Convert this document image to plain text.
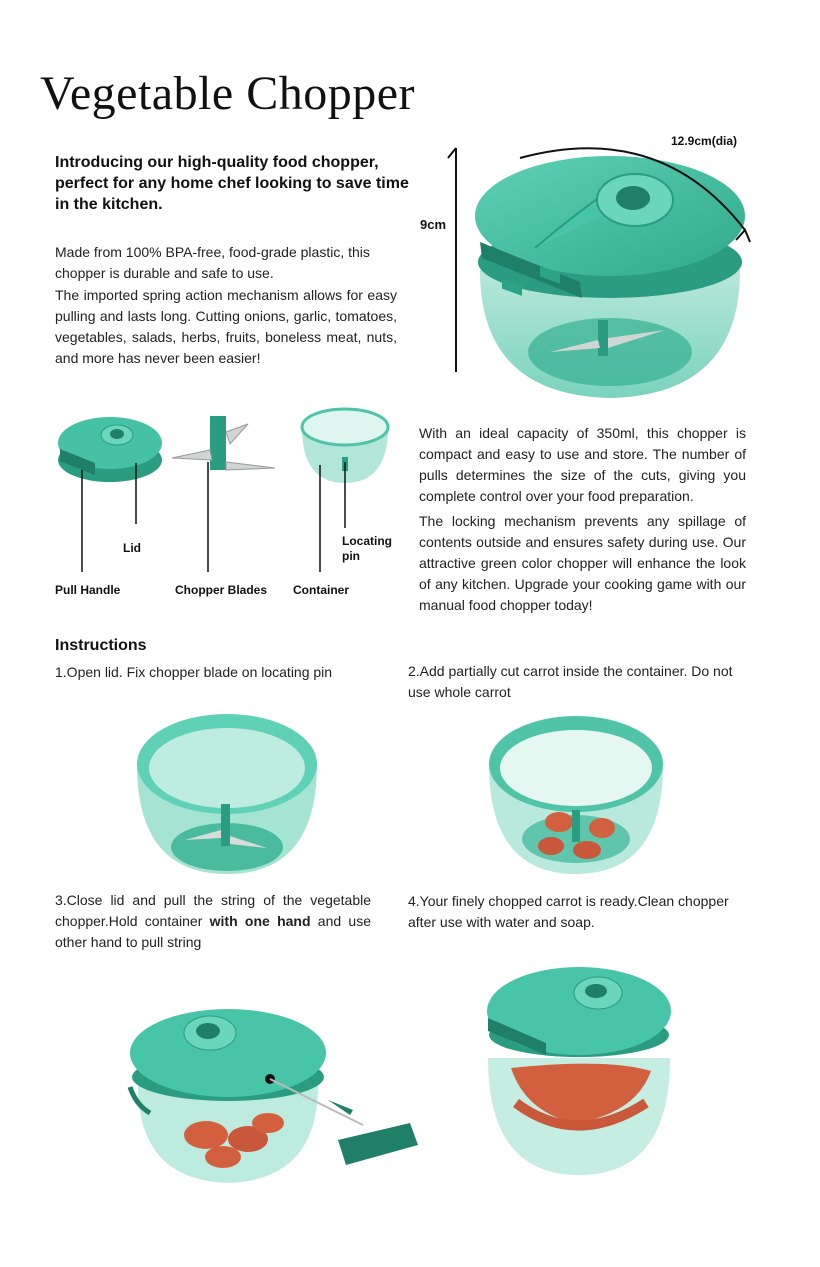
Vegetable Chopper

Introducing our high-quality food chopper, perfect for any home chef looking to save time in the kitchen.

Made from 100% BPA-free, food-grade plastic, this chopper is durable and safe to use.

The imported spring action mechanism allows for easy pulling and lasts long. Cutting onions, garlic, tomatoes, vegetables, salads, herbs, fruits, boneless meat, nuts, and more has never been easier!

12.9cm(dia)
9cm
Lid
Pull Handle	Chopper Blades Container
Locating
pin

With an ideal capacity of 350ml, this chopper is compact and easy to use and store. The number of pulls determines the size of the cuts, giving you complete control over your food preparation.

The locking mechanism prevents any spillage of contents outside and ensures safety during use. Our attractive green color chopper will enhance the look of any kitchen. Upgrade your cooking game with our manual food chopper today!

Instructions

1.Open lid. Fix chopper blade on locating pin	2.Add partially cut carrot inside the container. Do not use whole carrot

3.Close lid and pull the string of the vegetable chopper.Hold container with one hand and use other hand to pull string

4.Your finely chopped carrot is ready.Clean chopper after use with water and soap.
